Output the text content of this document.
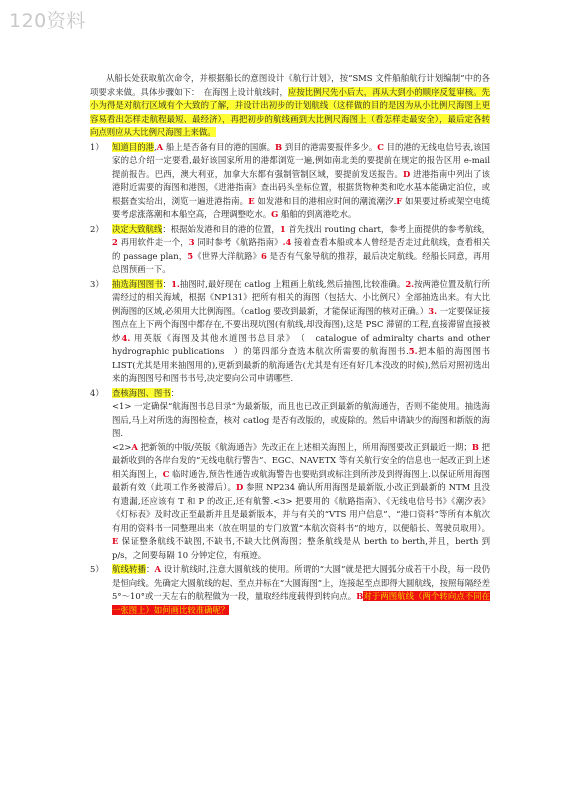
120资料

从船长处获取航次命令，并根据船长的意图设计《航行计划》，按“SMS 文件船舶航行计划编制”中的各项要求来做。具体步骤如下：　在海图上设计航线时，应按比例尺先小后大，再从大到小的顺序反复审核。先小为得是对航行区域有个大致的了解，并设计出初步的计划航线（这样做的目的是因为从小比例尺海图上更容易看出怎样走航程最短、最经济），再把初步的航线画到大比例尺海图上（看怎样走最安全），最后定各转向点则应从大比例尺海图上来做。

1） 知道目的港,A 船上是否备有目的港的国旗。B 到目的港需要报伴多少。C 目的港的无线电信号表,该国家的总介绍一定要看,最好该国家所用的港都浏览一遍,例如南北美的要提前在规定的报告区用 e-mail 提前报告。巴西，澳大利亚，加拿大东都有强制管制区域，要提前发送报告。D 进港指南中列出了该港附近需要的海图和港图，《进港指南》查出码头坐标位置，根据货物种类和吃水基本能确定泊位，或根据查实给出，浏览一遍进港指南。E 如发港和目的港相应时间的潮流潮汐.F 如果要过桥或架空电缆要考虑涨落潮和本船空高，合理调整吃水。G 船舶的到离港吃水。

2） 决定大致航线：根据始发港和目的港的位置，1 首先找出 routing chart，参考上面提供的参考航线，2 再用软件走一个，3 同时参考《航路指南》.4 接着查看本船或本人曾经是否走过此航线，查看相关的 passage plan，5《世界大洋航路》6 是否有气象导航的推荐，最后决定航线。经船长同意，再用总图预画一下。

3） 抽选海图图书：1.抽图时,最好现在 catlog 上粗画上航线,然后抽图,比较准确。2.按两港位置及航行所需经过的相关海域，根据《NP131》把所有相关的海图（包括大、小比例尺）全部抽选出来。有大比例海图的区域,必须用大比例海图。（catlog 要改到最新，才能保证海图的核对正确。）3. 一定要保证接图点在上下两个海图中都存在,不要出现坑图(有航线,却没海图),这是 PSC 滞留的工程,直接滞留直接被炒4. 用英版《海图及其他水道图书总目录》　（　catalogue of admiralty charts and other hydrographic publications　）的第四部分查选本航次所需要的航海图书.5.把本船的海图图书 LIST(尤其是用来抽图用的),更新到最新的航海通告(尤其是有还有好几本没改的时候),然后对照初选出来的海图图号和图书书号,决定要向公司申请哪些.

4） 查核海图、图书：

<1> 一定确保“航海图书总目录”为最新版，而且也已改正到最新的航海通告，否则不能使用。抽选海图后,马上对所选的海图检查，核对 catlog 是否有改版的，或废除的。然后申请缺少的海图和新版的海图.

<2>A 把新领的中版/英版《航海通告》先改正在上述相关海图上，所用海图要改正到最近一期；B 把最新收到的各岸台发的“无线电航行警告”、EGC、NAVETX 等有关航行安全的信息也一起改正到上述相关海图上，C 临时通告,预告性通告或航海警告也要贴到或标注到所涉及到得海图上.以保证所用海图最新有效（此项工作务被滞后）。D 参照 NP234 确认所用海图是最新版,小改正到最新的 NTM 且没有遗漏,还应该有 T 和 P 的改正,还有航警.<3> 把要用的《航路指南》、《无线电信号书》《潮汐表》《灯标表》及时改正至最新并且是最新版本，并与有关的“VTS 用户信息”、“港口资料”等所有本航次有用的资料书一同整理出来（放在明显的专门放置“本航次资料书”的地方，以便船长、驾驶员取用）。E 保证整条航线不缺图,不缺书,不缺大比例海图；整条航线是从 berth to berth,并且，berth 到 p/s，之间要每隔 10 分钟定位，有痕迹。

5） 航线转播：A 设计航线时,注意大圆航线的使用。所谓的“大圆”就是把大圆弧分成若干小段，每一段仍是恒向线。先确定大圆航线的起、至点并标在“大圆海图”上，连接起至点即得大圆航线，按照每隔经差 5°～10°或一天左右的航程做为一段，量取经纬度载得到转向点。B对于两图航线（两个转向点不同在一张图上）如何画比较准确呢？
